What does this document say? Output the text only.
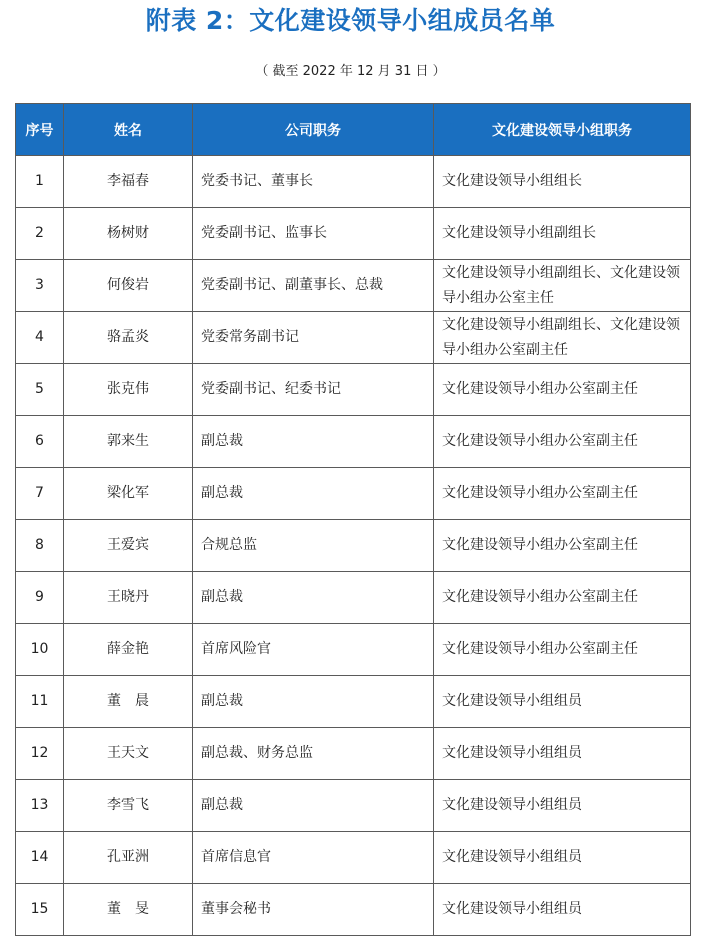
附表 2：文化建设领导小组成员名单
（ 截至 2022 年 12 月 31 日 ）
序号	姓名	公司职务	文化建设领导小组职务
1	李福春	党委书记、董事长	文化建设领导小组组长
2	杨树财	党委副书记、监事长	文化建设领导小组副组长
3	何俊岩	党委副书记、副董事长、总裁	文化建设领导小组副组长、文化建设领导小组办公室主任
4	骆孟炎	党委常务副书记	文化建设领导小组副组长、文化建设领导小组办公室副主任
5	张克伟	党委副书记、纪委书记	文化建设领导小组办公室副主任
6	郭来生	副总裁	文化建设领导小组办公室副主任
7	梁化军	副总裁	文化建设领导小组办公室副主任
8	王爱宾	合规总监	文化建设领导小组办公室副主任
9	王晓丹	副总裁	文化建设领导小组办公室副主任
10	薛金艳	首席风险官	文化建设领导小组办公室副主任
11	董　晨	副总裁	文化建设领导小组组员
12	王天文	副总裁、财务总监	文化建设领导小组组员
13	李雪飞	副总裁	文化建设领导小组组员
14	孔亚洲	首席信息官	文化建设领导小组组员
15	董　旻	董事会秘书	文化建设领导小组组员
